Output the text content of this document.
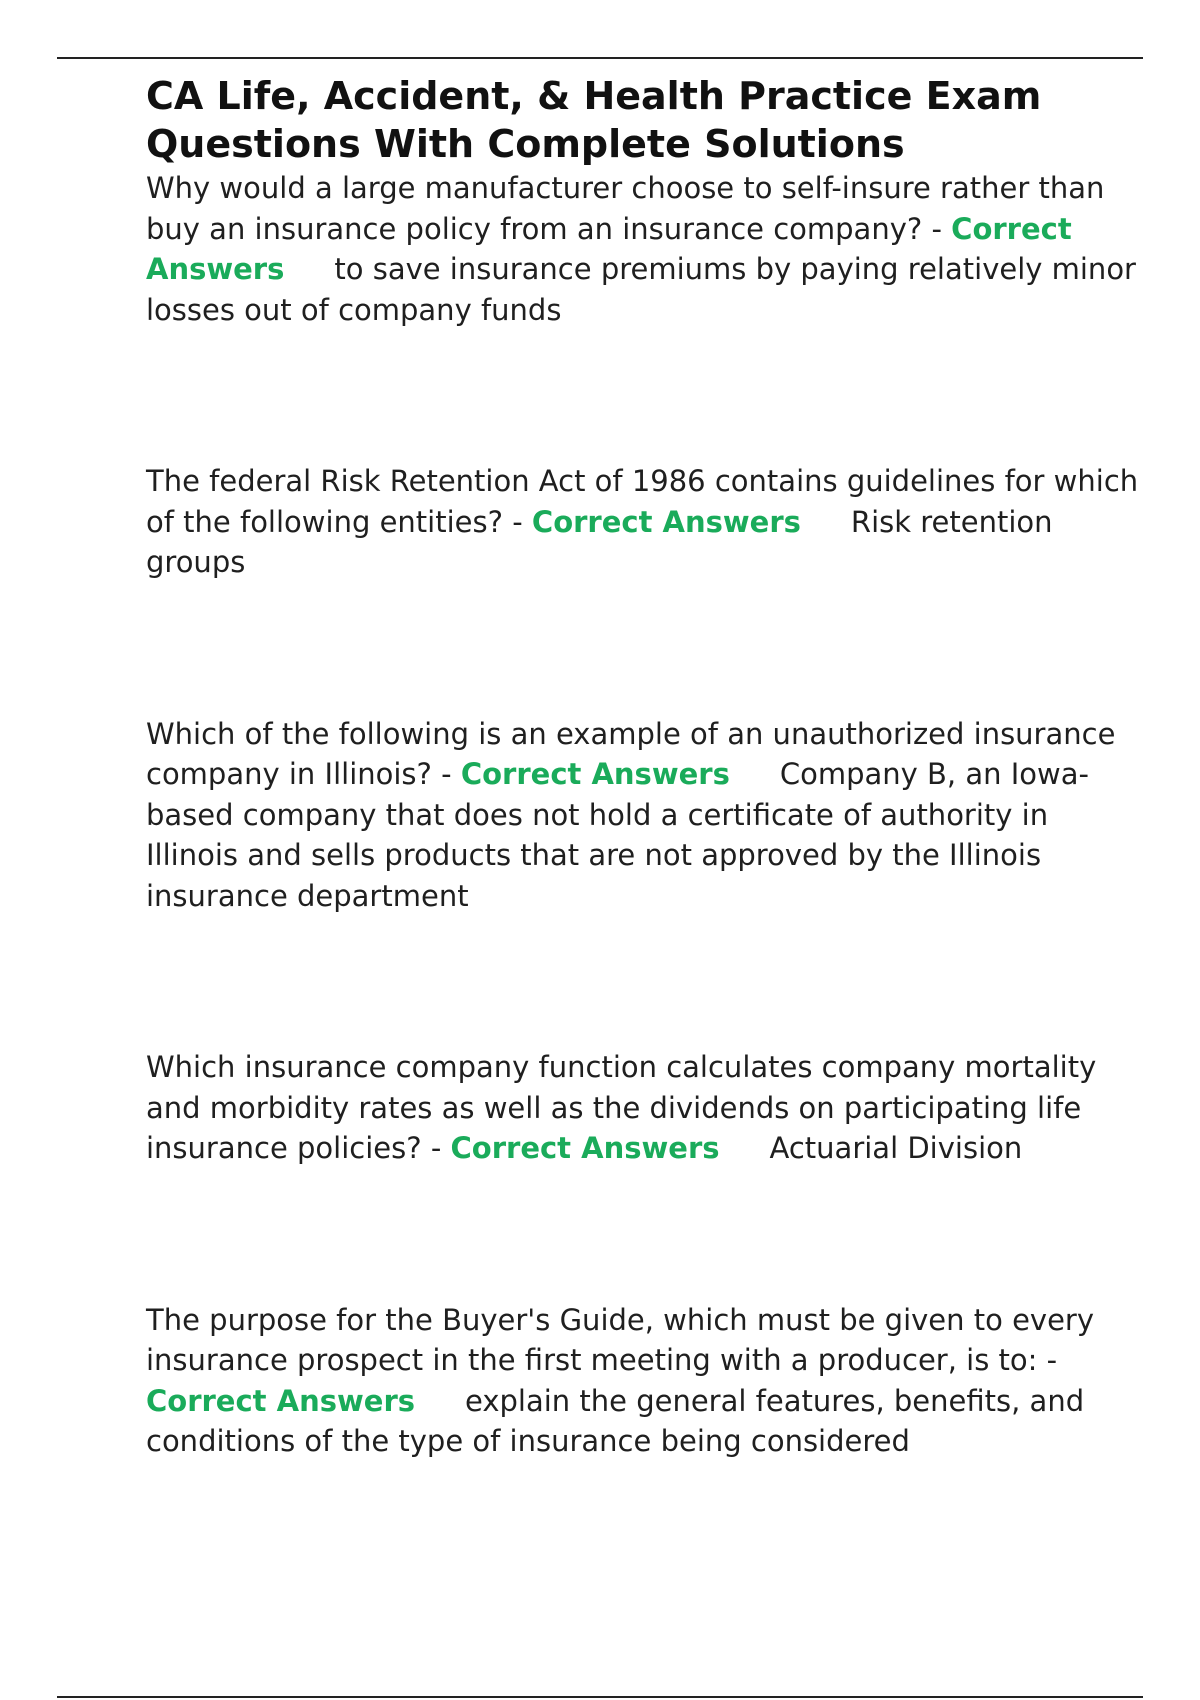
CA Life, Accident, & Health Practice Exam Questions With Complete Solutions

Why would a large manufacturer choose to self-insure rather than buy an insurance policy from an insurance company? - Correct Answers to save insurance premiums by paying relatively minor losses out of company funds

The federal Risk Retention Act of 1986 contains guidelines for which of the following entities? - Correct Answers Risk retention groups

Which of the following is an example of an unauthorized insurance company in Illinois? - Correct Answers Company B, an Iowa-based company that does not hold a certificate of authority in Illinois and sells products that are not approved by the Illinois insurance department

Which insurance company function calculates company mortality and morbidity rates as well as the dividends on participating life insurance policies? - Correct Answers Actuarial Division

The purpose for the Buyer's Guide, which must be given to every insurance prospect in the first meeting with a producer, is to: - Correct Answers explain the general features, benefits, and conditions of the type of insurance being considered
